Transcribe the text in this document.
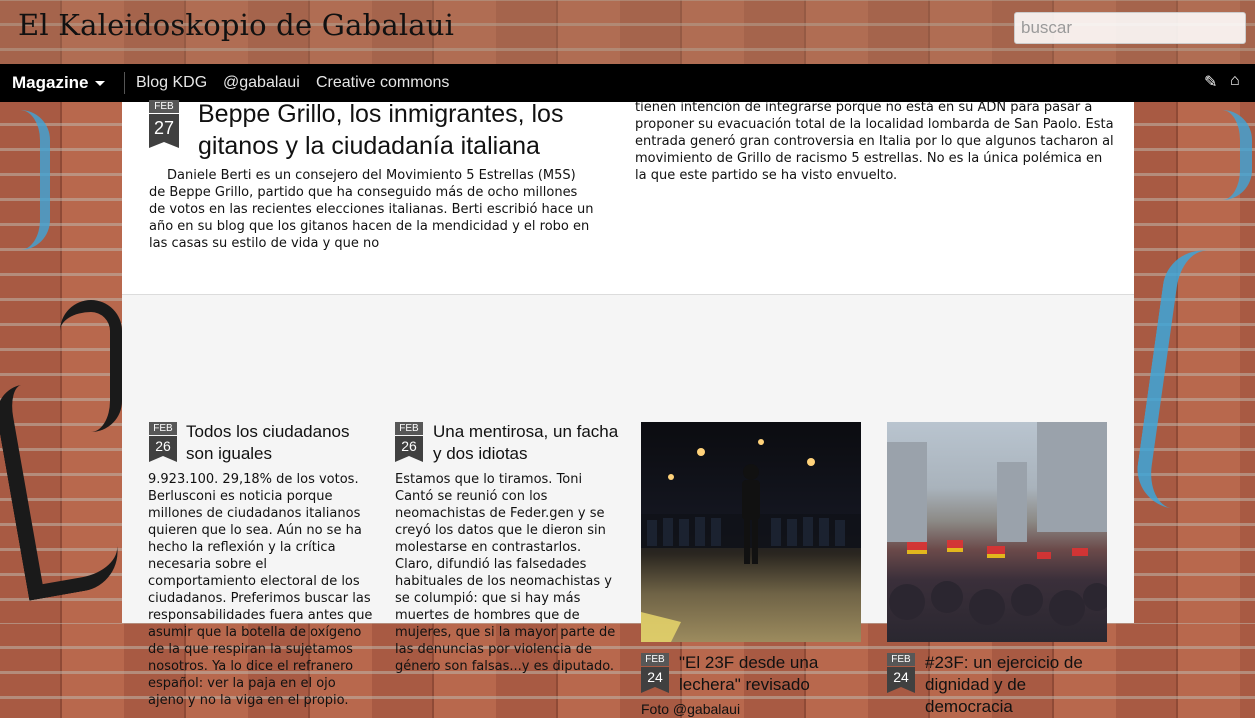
El Kaleidoskopio de Gabalaui
buscar
Magazine	Blog KDG @gabalaui Creative commons	✎ ⌂
FEB
27 Beppe Grillo, los inmigrantes, los gitanos y la ciudadanía italiana

Daniele Berti es un consejero del Movimiento 5 Estrellas (M5S) de Beppe Grillo, partido que ha conseguido más de ocho millones de votos en las recientes elecciones italianas. Berti escribió hace un año en su blog que los gitanos hacen de la mendicidad y el robo en las casas su estilo de vida y que no

tienen intención de integrarse porque no está en su ADN para pasar a proponer su evacuación total de la localidad lombarda de San Paolo. Esta entrada generó gran controversia en Italia por lo que algunos tacharon al movimiento de Grillo de racismo 5 estrellas. No es la única polémica en la que este partido se ha visto envuelto.

FEB
26
Todos los ciudadanos son iguales

9.923.100. 29,18% de los votos. Berlusconi es noticia porque millones de ciudadanos italianos quieren que lo sea. Aún no se ha hecho la reflexión y la crítica necesaria sobre el comportamiento electoral de los ciudadanos. Preferimos buscar las responsabilidades fuera antes que asumir que la botella de oxígeno de la que respiran la sujetamos nosotros. Ya lo dice el refranero español: ver la paja en el ojo ajeno y no la viga en el propio.

FEB
26
Una mentirosa, un facha y dos idiotas

Estamos que lo tiramos. Toni Cantó se reunió con los neomachistas de Feder.gen y se creyó los datos que le dieron sin molestarse en contrastarlos. Claro, difundió las falsedades habituales de los neomachistas y se columpió: que si hay más muertes de hombres que de mujeres, que si la mayor parte de las denuncias por violencia de género son falsas...y es diputado.	FEB
24
"El 23F desde una lechera" revisado
Foto @gabalaui
FEB
24
#23F: un ejercicio de dignidad y de democracia
